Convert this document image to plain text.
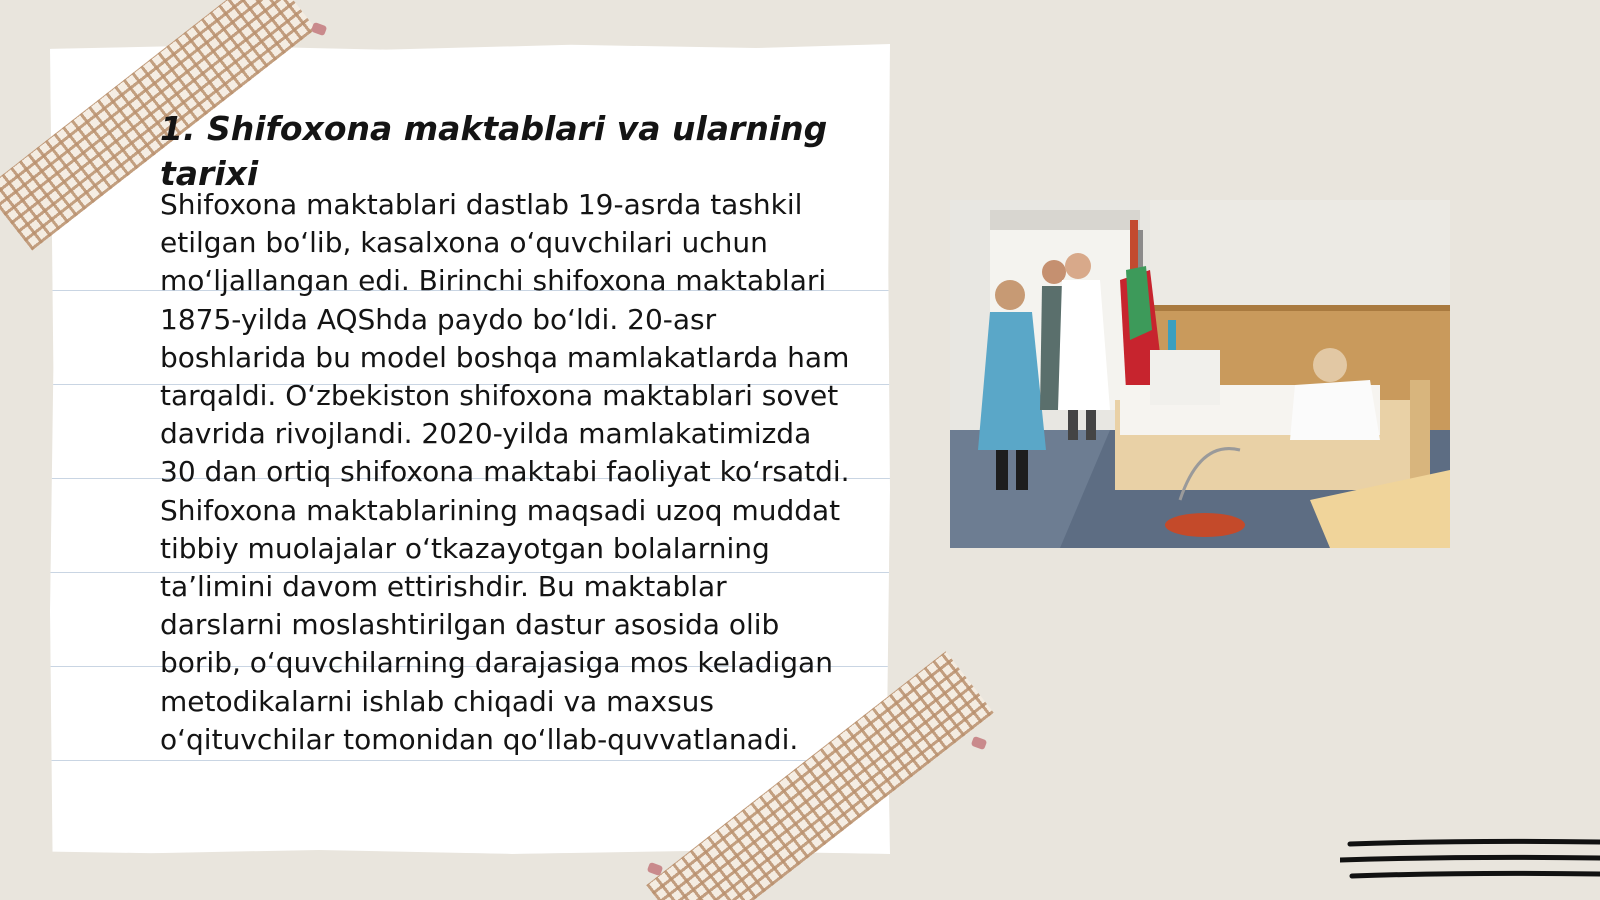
1. Shifoxona maktablari va ularning tarixi

Shifoxona maktablari dastlab 19-asrda tashkil etilgan bo‘lib, kasalxona o‘quvchilari uchun mo‘ljallangan edi. Birinchi shifoxona maktablari 1875-yilda AQShda paydo bo‘ldi. 20-asr boshlarida bu model boshqa mamlakatlarda ham tarqaldi. O‘zbekiston shifoxona maktablari sovet davrida rivojlandi. 2020-yilda mamlakatimizda 30 dan ortiq shifoxona maktabi faoliyat ko‘rsatdi. Shifoxona maktablarining maqsadi uzoq muddat tibbiy muolajalar o‘tkazayotgan bolalarning ta’limini davom ettirishdir. Bu maktablar darslarni moslashtirilgan dastur asosida olib borib, o‘quvchilarning darajasiga mos keladigan metodikalarni ishlab chiqadi va maxsus o‘qituvchilar tomonidan qo‘llab-quvvatlanadi.
